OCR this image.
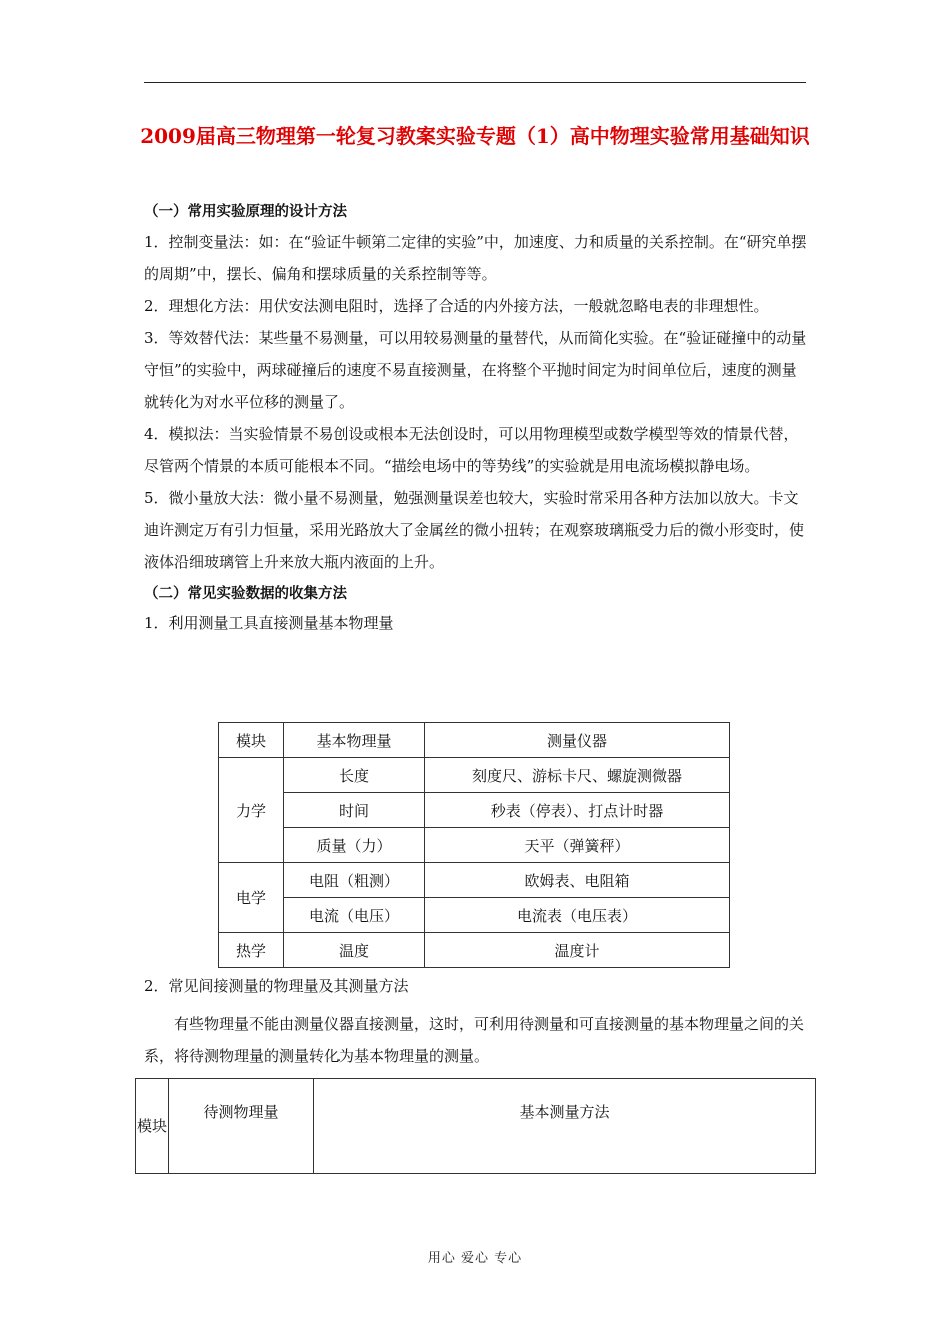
2009届高三物理第一轮复习教案实验专题（1）高中物理实验常用基础知识
（一）常用实验原理的设计方法

1．控制变量法：如：在“验证牛顿第二定律的实验”中，加速度、力和质量的关系控制。在“研究单摆的周期”中，摆长、偏角和摆球质量的关系控制等等。

2．理想化方法：用伏安法测电阻时，选择了合适的内外接方法，一般就忽略电表的非理想性。

3．等效替代法：某些量不易测量，可以用较易测量的量替代，从而简化实验。在“验证碰撞中的动量守恒”的实验中，两球碰撞后的速度不易直接测量，在将整个平抛时间定为时间单位后，速度的测量就转化为对水平位移的测量了。

4．模拟法：当实验情景不易创设或根本无法创设时，可以用物理模型或数学模型等效的情景代替，尽管两个情景的本质可能根本不同。“描绘电场中的等势线”的实验就是用电流场模拟静电场。

5．微小量放大法：微小量不易测量，勉强测量误差也较大，实验时常采用各种方法加以放大。卡文迪许测定万有引力恒量，采用光路放大了金属丝的微小扭转；在观察玻璃瓶受力后的微小形变时，使液体沿细玻璃管上升来放大瓶内液面的上升。

（二）常见实验数据的收集方法

1．利用测量工具直接测量基本物理量

模块	基本物理量	测量仪器
力学	长度	刻度尺、游标卡尺、螺旋测微器
	时间	秒表（停表）、打点计时器
	质量（力）	天平（弹簧秤）
电学	电阻（粗测）	欧姆表、电阻箱
	电流（电压）	电流表（电压表）
热学	温度	温度计

2．常见间接测量的物理量及其测量方法

有些物理量不能由测量仪器直接测量，这时，可利用待测量和可直接测量的基本物理量之间的关系，将待测物理量的测量转化为基本物理量的测量。

模块	待测物理量	基本测量方法
用心 爱心 专心
